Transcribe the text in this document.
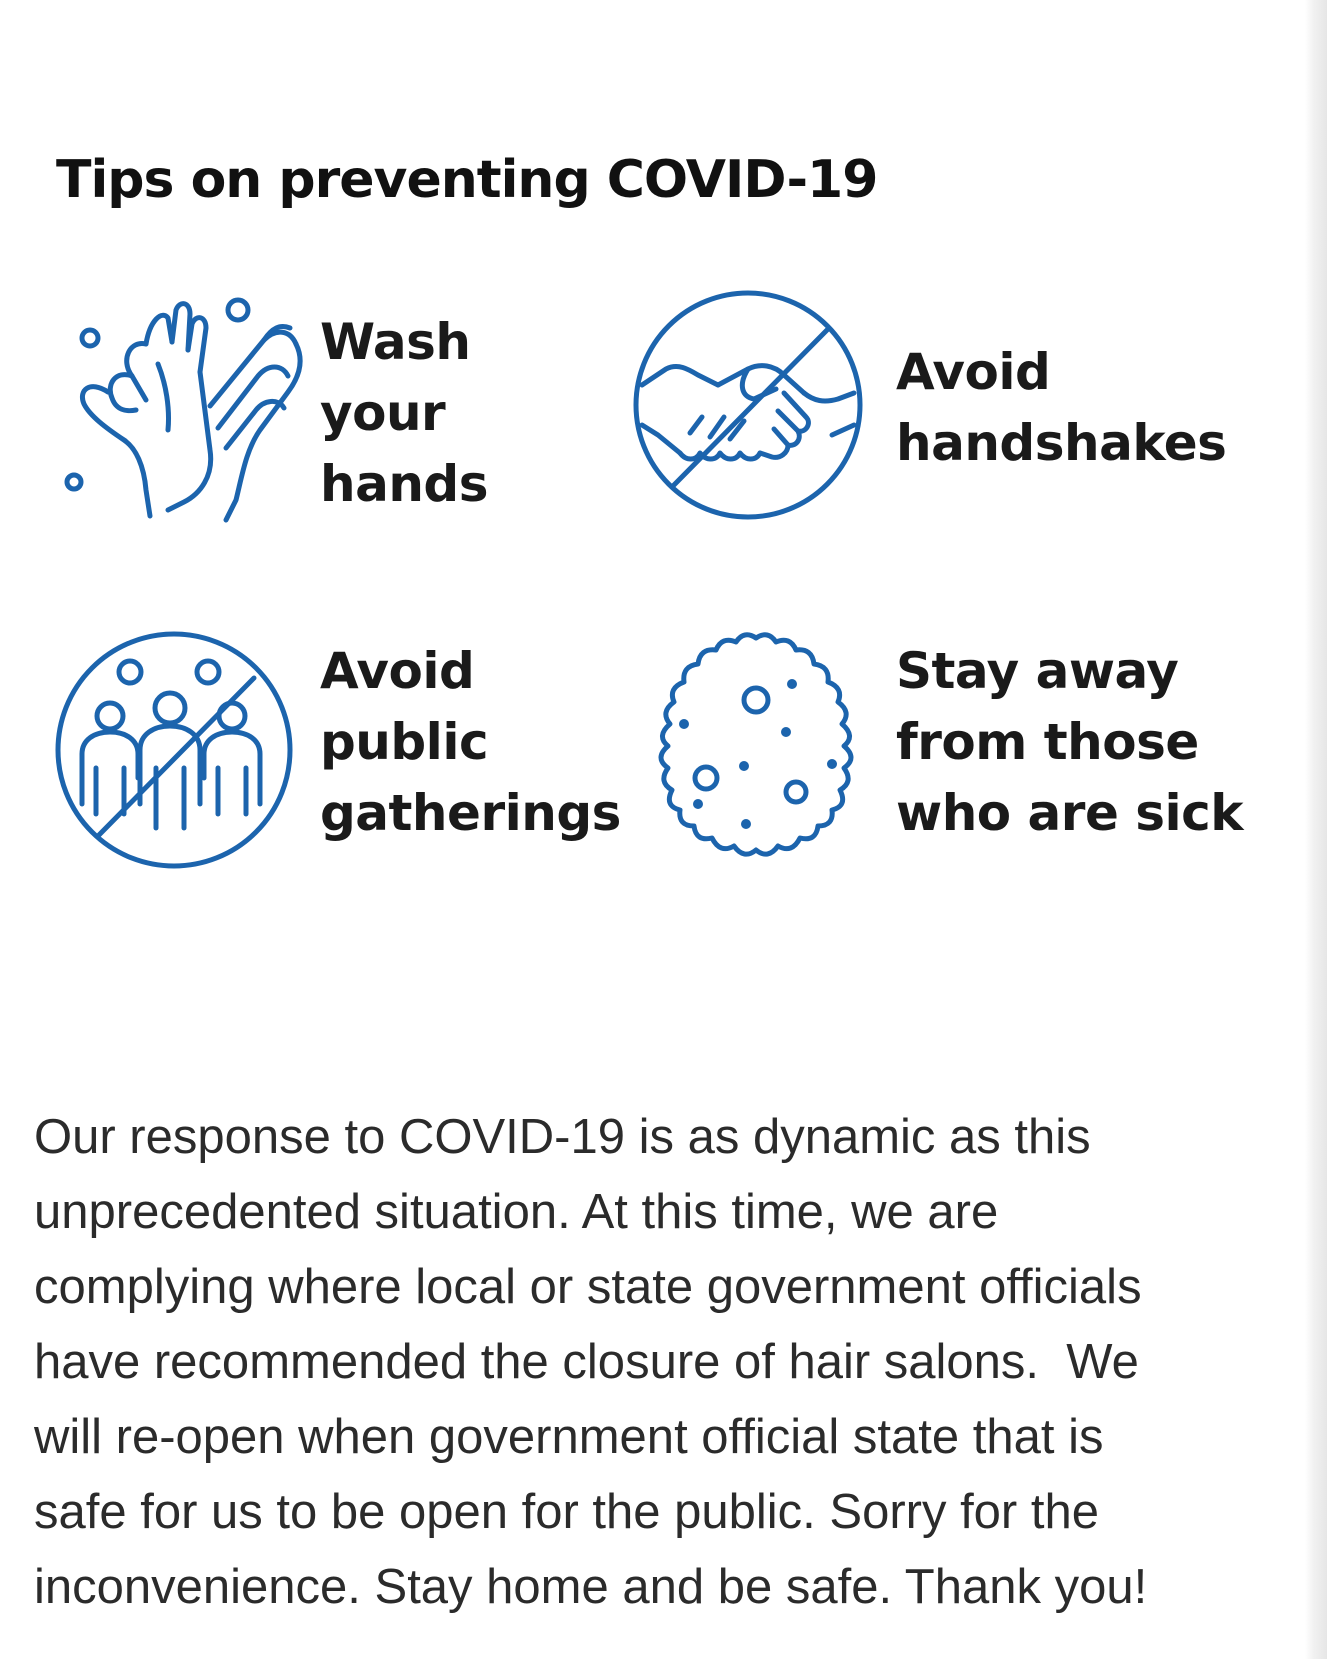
Tips on preventing COVID-19
Wash
your
hands
Avoid
handshakes
Avoid
public
gatherings
Stay away
from those
who are sick
Our response to COVID-19 is as dynamic as this
unprecedented situation. At this time, we are
complying where local or state government officials
have recommended the closure of hair salons.  We
will re-open when government official state that is
safe for us to be open for the public. Sorry for the
inconvenience. Stay home and be safe. Thank you!
